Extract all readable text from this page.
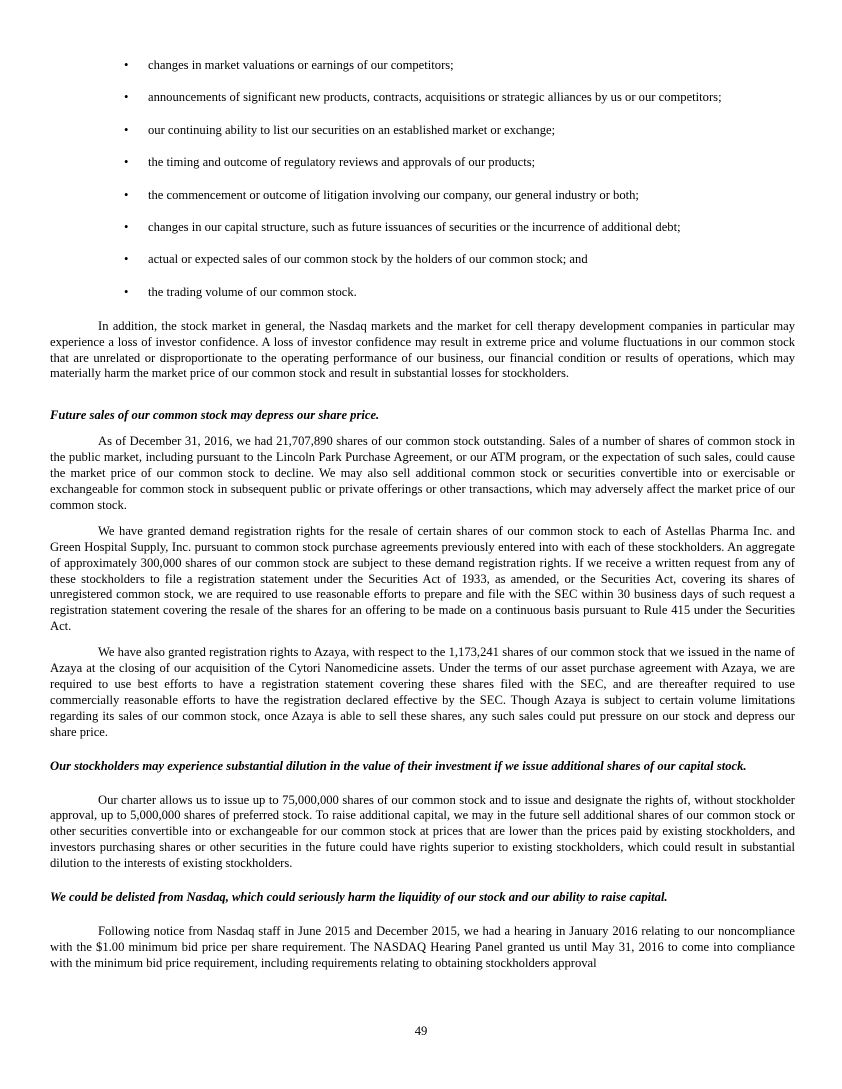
• changes in market valuations or earnings of our competitors;
• announcements of significant new products, contracts, acquisitions or strategic alliances by us or our competitors;
• our continuing ability to list our securities on an established market or exchange;
• the timing and outcome of regulatory reviews and approvals of our products;
• the commencement or outcome of litigation involving our company, our general industry or both;
• changes in our capital structure, such as future issuances of securities or the incurrence of additional debt;
• actual or expected sales of our common stock by the holders of our common stock; and
• the trading volume of our common stock.

In addition, the stock market in general, the Nasdaq markets and the market for cell therapy development companies in particular may experience a loss of investor confidence. A loss of investor confidence may result in extreme price and volume fluctuations in our common stock that are unrelated or disproportionate to the operating performance of our business, our financial condition or results of operations, which may materially harm the market price of our common stock and result in substantial losses for stockholders.

Future sales of our common stock may depress our share price.

As of December 31, 2016, we had 21,707,890 shares of our common stock outstanding. Sales of a number of shares of common stock in the public market, including pursuant to the Lincoln Park Purchase Agreement, or our ATM program, or the expectation of such sales, could cause the market price of our common stock to decline. We may also sell additional common stock or securities convertible into or exercisable or exchangeable for common stock in subsequent public or private offerings or other transactions, which may adversely affect the market price of our common stock.

We have granted demand registration rights for the resale of certain shares of our common stock to each of Astellas Pharma Inc. and Green Hospital Supply, Inc. pursuant to common stock purchase agreements previously entered into with each of these stockholders. An aggregate of approximately 300,000 shares of our common stock are subject to these demand registration rights. If we receive a written request from any of these stockholders to file a registration statement under the Securities Act of 1933, as amended, or the Securities Act, covering its shares of unregistered common stock, we are required to use reasonable efforts to prepare and file with the SEC within 30 business days of such request a registration statement covering the resale of the shares for an offering to be made on a continuous basis pursuant to Rule 415 under the Securities Act.

We have also granted registration rights to Azaya, with respect to the 1,173,241 shares of our common stock that we issued in the name of Azaya at the closing of our acquisition of the Cytori Nanomedicine assets. Under the terms of our asset purchase agreement with Azaya, we are required to use best efforts to have a registration statement covering these shares filed with the SEC, and are thereafter required to use commercially reasonable efforts to have the registration declared effective by the SEC. Though Azaya is subject to certain volume limitations regarding its sales of our common stock, once Azaya is able to sell these shares, any such sales could put pressure on our stock and depress our share price.

Our stockholders may experience substantial dilution in the value of their investment if we issue additional shares of our capital stock.

Our charter allows us to issue up to 75,000,000 shares of our common stock and to issue and designate the rights of, without stockholder approval, up to 5,000,000 shares of preferred stock. To raise additional capital, we may in the future sell additional shares of our common stock or other securities convertible into or exchangeable for our common stock at prices that are lower than the prices paid by existing stockholders, and investors purchasing shares or other securities in the future could have rights superior to existing stockholders, which could result in substantial dilution to the interests of existing stockholders.

We could be delisted from Nasdaq, which could seriously harm the liquidity of our stock and our ability to raise capital.

Following notice from Nasdaq staff in June 2015 and December 2015, we had a hearing in January 2016 relating to our noncompliance with the $1.00 minimum bid price per share requirement. The NASDAQ Hearing Panel granted us until May 31, 2016 to come into compliance with the minimum bid price requirement, including requirements relating to obtaining stockholders approval

49
